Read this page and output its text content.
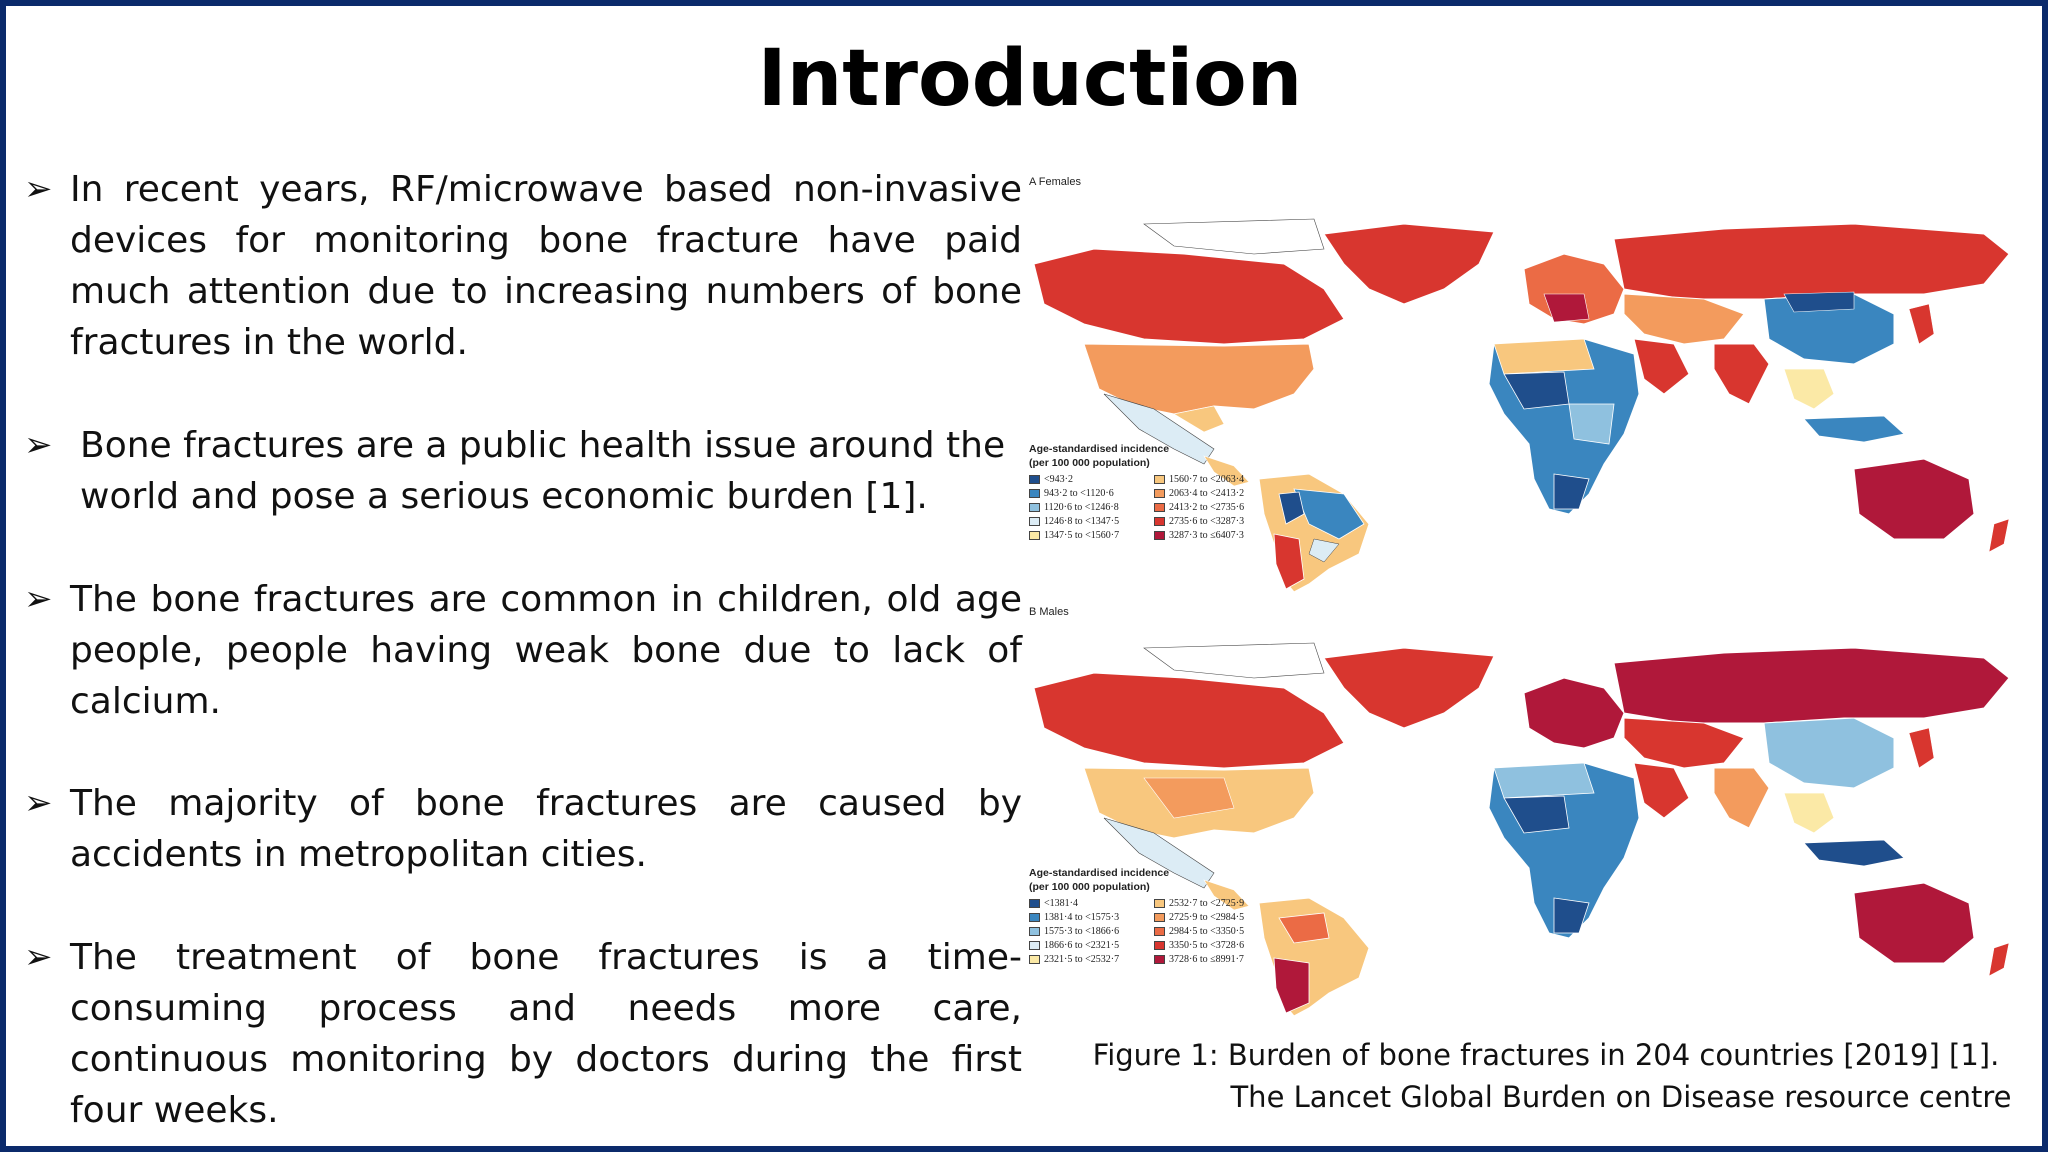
Introduction
➢ In recent years, RF/microwave based non-invasive devices for monitoring bone fracture have paid much attention due to increasing numbers of bone fractures in the world.
➢ Bone fractures are a public health issue around the world and pose a serious economic burden [1].
➢ The bone fractures are common in children, old age people, people having weak bone due to lack of calcium.
➢ The majority of bone fractures are caused by accidents in metropolitan cities.
➢ The treatment of bone fractures is a time-consuming process and needs more care, continuous monitoring by doctors during the first four weeks.
A Females
Age-standardised incidence
(per 100 000 population)
<943·2	1560·7 to <2063·4
943·2 to <1120·6	2063·4 to <2413·2
1120·6 to <1246·8	2413·2 to <2735·6
1246·8 to <1347·5	2735·6 to <3287·3
1347·5 to <1560·7	3287·3 to ≤6407·3
B Males
Age-standardised incidence
(per 100 000 population)
<1381·4	2532·7 to <2725·9
1381·4 to <1575·3	2725·9 to <2984·5
1575·3 to <1866·6	2984·5 to <3350·5
1866·6 to <2321·5	3350·5 to <3728·6
2321·5 to <2532·7	3728·6 to ≤8991·7
Figure 1: Burden of bone fractures in 204 countries [2019] [1].
The Lancet Global Burden on Disease resource centre
